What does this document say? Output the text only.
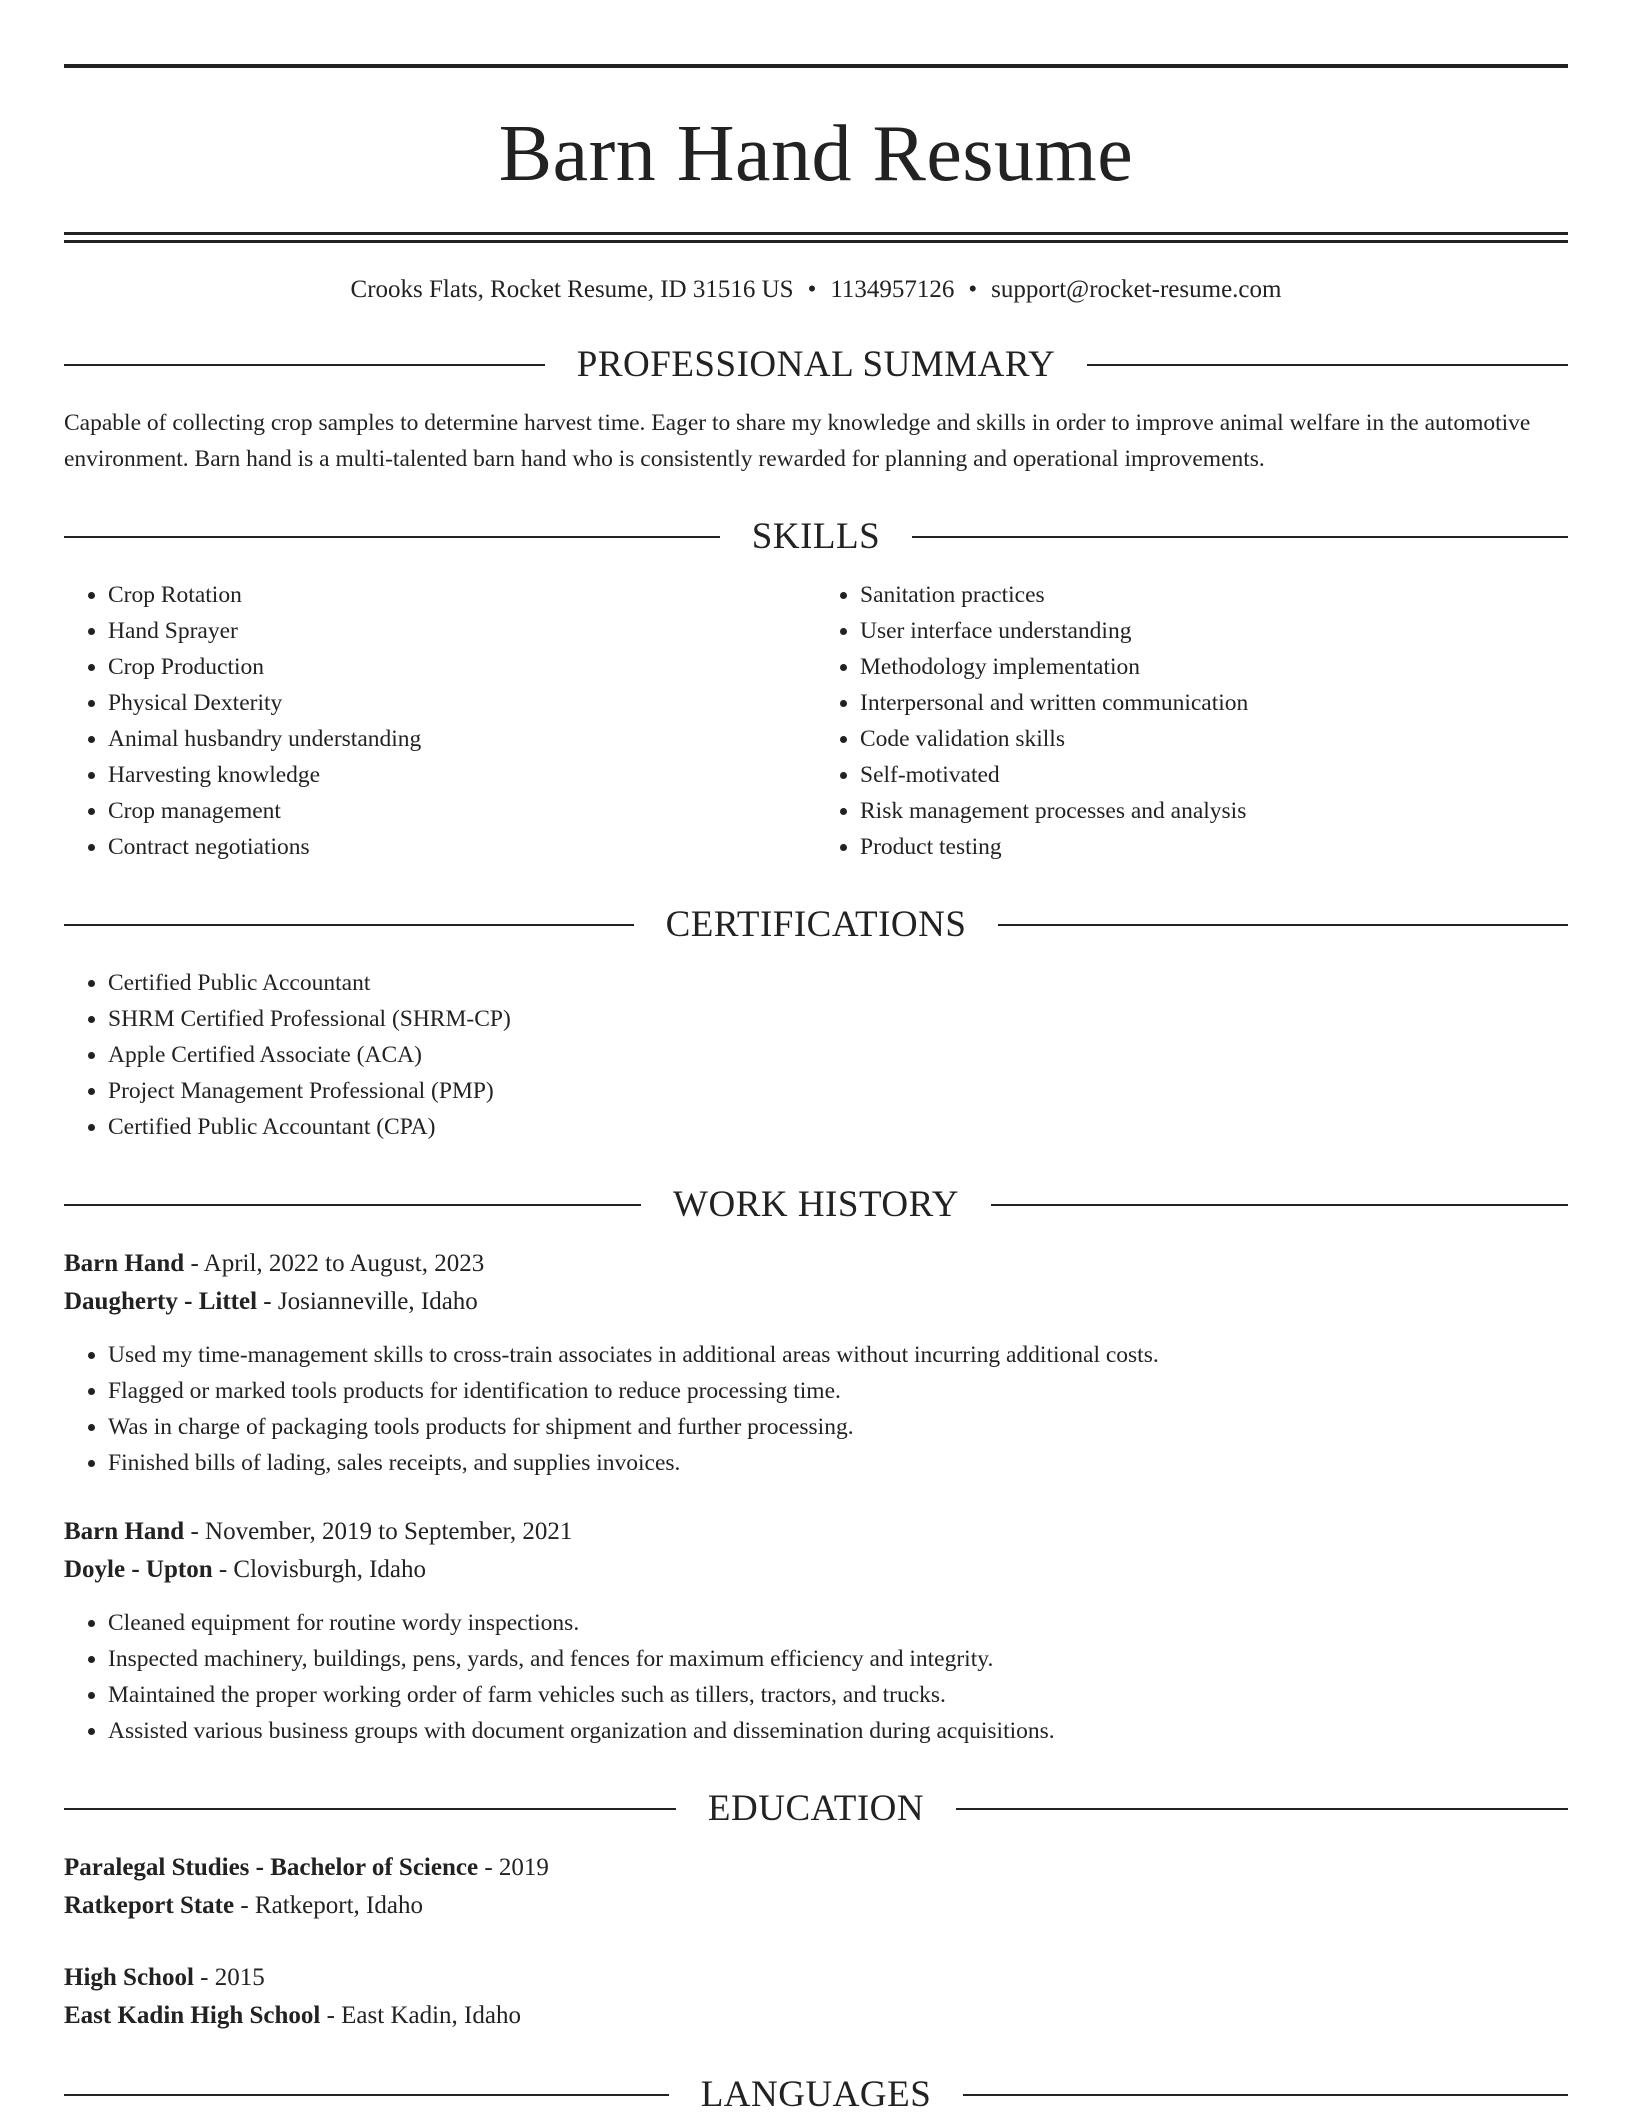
Barn Hand Resume
Crooks Flats, Rocket Resume, ID 31516 US • 1134957126 • support@rocket-resume.com
PROFESSIONAL SUMMARY

Capable of collecting crop samples to determine harvest time. Eager to share my knowledge and skills in order to improve animal welfare in the automotive environment. Barn hand is a multi-talented barn hand who is consistently rewarded for planning and operational improvements.

SKILLS
• Crop Rotation
• Hand Sprayer
• Crop Production
• Physical Dexterity
• Animal husbandry understanding
• Harvesting knowledge
• Crop management
• Contract negotiations
• Sanitation practices
• User interface understanding
• Methodology implementation
• Interpersonal and written communication
• Code validation skills
• Self-motivated
• Risk management processes and analysis
• Product testing
CERTIFICATIONS
• Certified Public Accountant
• SHRM Certified Professional (SHRM-CP)
• Apple Certified Associate (ACA)
• Project Management Professional (PMP)
• Certified Public Accountant (CPA)
WORK HISTORY
Barn Hand - April, 2022 to August, 2023
Daugherty - Littel - Josianneville, Idaho
• Used my time-management skills to cross-train associates in additional areas without incurring additional costs.
• Flagged or marked tools products for identification to reduce processing time.
• Was in charge of packaging tools products for shipment and further processing.
• Finished bills of lading, sales receipts, and supplies invoices.
Barn Hand - November, 2019 to September, 2021
Doyle - Upton - Clovisburgh, Idaho
• Cleaned equipment for routine wordy inspections.
• Inspected machinery, buildings, pens, yards, and fences for maximum efficiency and integrity.
• Maintained the proper working order of farm vehicles such as tillers, tractors, and trucks.
• Assisted various business groups with document organization and dissemination during acquisitions.
EDUCATION
Paralegal Studies - Bachelor of Science - 2019
Ratkeport State - Ratkeport, Idaho
High School - 2015
East Kadin High School - East Kadin, Idaho
LANGUAGES
